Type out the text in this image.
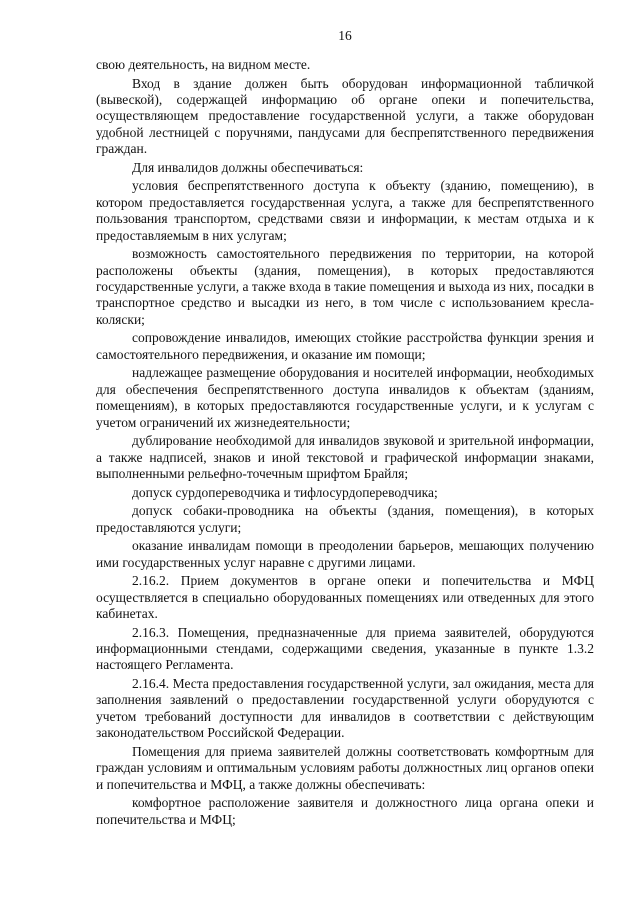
16

свою деятельность, на видном месте.

Вход в здание должен быть оборудован информационной табличкой (вывеской), содержащей информацию об органе опеки и попечительства, осуществляющем предоставление государственной услуги, а также оборудован удобной лестницей с поручнями, пандусами для беспрепятственного передвижения граждан.

Для инвалидов должны обеспечиваться:

условия беспрепятственного доступа к объекту (зданию, помещению), в котором предоставляется государственная услуга, а также для беспрепятственного пользования транспортом, средствами связи и информации, к местам отдыха и к предоставляемым в них услугам;

возможность самостоятельного передвижения по территории, на которой расположены объекты (здания, помещения), в которых предоставляются государственные услуги, а также входа в такие помещения и выхода из них, посадки в транспортное средство и высадки из него, в том числе с использованием кресла-коляски;

сопровождение инвалидов, имеющих стойкие расстройства функции зрения и самостоятельного передвижения, и оказание им помощи;

надлежащее размещение оборудования и носителей информации, необходимых для обеспечения беспрепятственного доступа инвалидов к объектам (зданиям, помещениям), в которых предоставляются государственные услуги, и к услугам с учетом ограничений их жизнедеятельности;

дублирование необходимой для инвалидов звуковой и зрительной информации, а также надписей, знаков и иной текстовой и графической информации знаками, выполненными рельефно-точечным шрифтом Брайля;

допуск сурдопереводчика и тифлосурдопереводчика;

допуск собаки-проводника на объекты (здания, помещения), в которых предоставляются услуги;

оказание инвалидам помощи в преодолении барьеров, мешающих получению ими государственных услуг наравне с другими лицами.

2.16.2. Прием документов в органе опеки и попечительства и МФЦ осуществляется в специально оборудованных помещениях или отведенных для этого кабинетах.

2.16.3. Помещения, предназначенные для приема заявителей, оборудуются информационными стендами, содержащими сведения, указанные в пункте 1.3.2 настоящего Регламента.

2.16.4. Места предоставления государственной услуги, зал ожидания, места для заполнения заявлений о предоставлении государственной услуги оборудуются с учетом требований доступности для инвалидов в соответствии с действующим законодательством Российской Федерации.

Помещения для приема заявителей должны соответствовать комфортным для граждан условиям и оптимальным условиям работы должностных лиц органов опеки и попечительства и МФЦ, а также должны обеспечивать:

комфортное расположение заявителя и должностного лица органа опеки и попечительства и МФЦ;
